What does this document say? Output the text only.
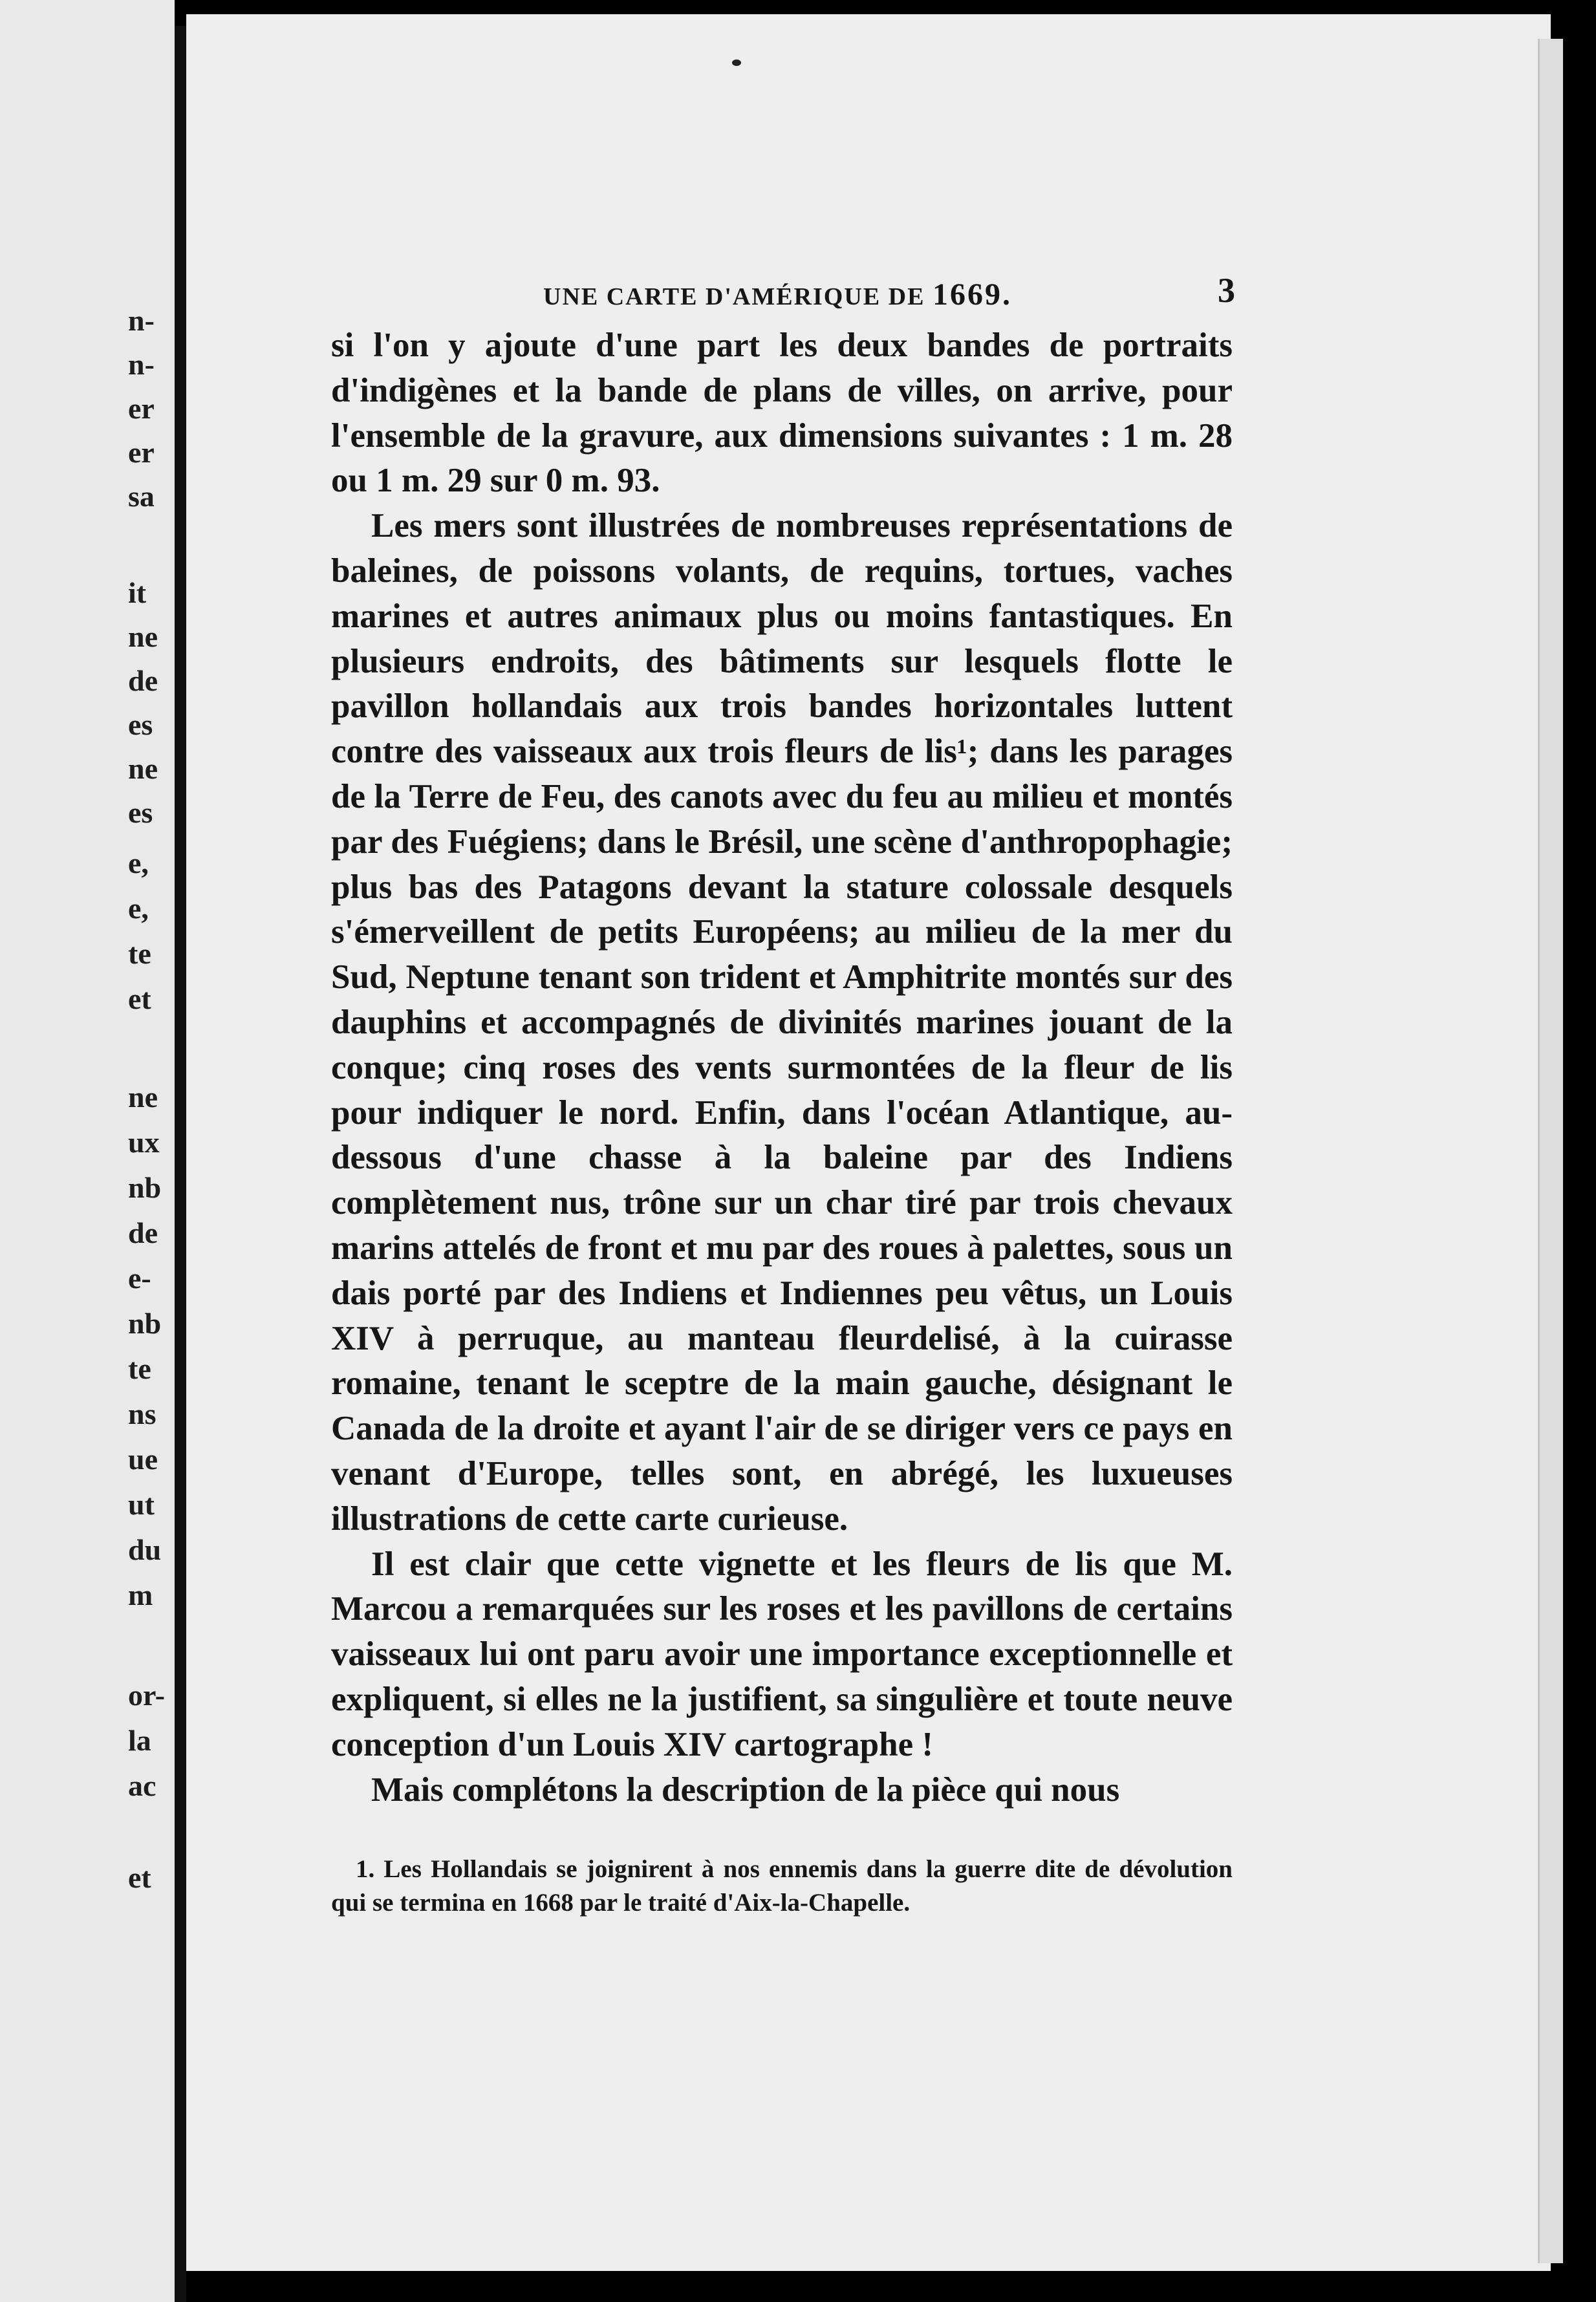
n-
n-
er
er
sa
it
ne
de
es
ne
es
e,
e,
te
et
ne
ux
nb
de
e-
nb
te
ns
ue
ut
du
m
or-
la
ac
et
UNE CARTE D'AMÉRIQUE DE 1669.	3

si l'on y ajoute d'une part les deux bandes de portraits d'indigènes et la bande de plans de villes, on arrive, pour l'ensemble de la gravure, aux dimensions suivantes : 1 m. 28 ou 1 m. 29 sur 0 m. 93.

Les mers sont illustrées de nombreuses représentations de baleines, de poissons volants, de requins, tortues, vaches marines et autres animaux plus ou moins fantastiques. En plusieurs endroits, des bâtiments sur lesquels flotte le pavillon hollandais aux trois bandes horizontales luttent contre des vaisseaux aux trois fleurs de lis¹; dans les parages de la Terre de Feu, des canots avec du feu au milieu et montés par des Fuégiens; dans le Brésil, une scène d'anthropophagie; plus bas des Patagons devant la stature colossale desquels s'émerveillent de petits Européens; au milieu de la mer du Sud, Neptune tenant son trident et Amphitrite montés sur des dauphins et accompagnés de divinités marines jouant de la conque; cinq roses des vents surmontées de la fleur de lis pour indiquer le nord. Enfin, dans l'océan Atlantique, au-dessous d'une chasse à la baleine par des Indiens complètement nus, trône sur un char tiré par trois chevaux marins attelés de front et mu par des roues à palettes, sous un dais porté par des Indiens et Indiennes peu vêtus, un Louis XIV à perruque, au manteau fleurdelisé, à la cuirasse romaine, tenant le sceptre de la main gauche, désignant le Canada de la droite et ayant l'air de se diriger vers ce pays en venant d'Europe, telles sont, en abrégé, les luxueuses illustrations de cette carte curieuse.

Il est clair que cette vignette et les fleurs de lis que M. Marcou a remarquées sur les roses et les pavillons de certains vaisseaux lui ont paru avoir une importance exceptionnelle et expliquent, si elles ne la justifient, sa singulière et toute neuve conception d'un Louis XIV cartographe !

Mais complétons la description de la pièce qui nous

1. Les Hollandais se joignirent à nos ennemis dans la guerre dite de dévolution qui se termina en 1668 par le traité d'Aix-la-Chapelle.
